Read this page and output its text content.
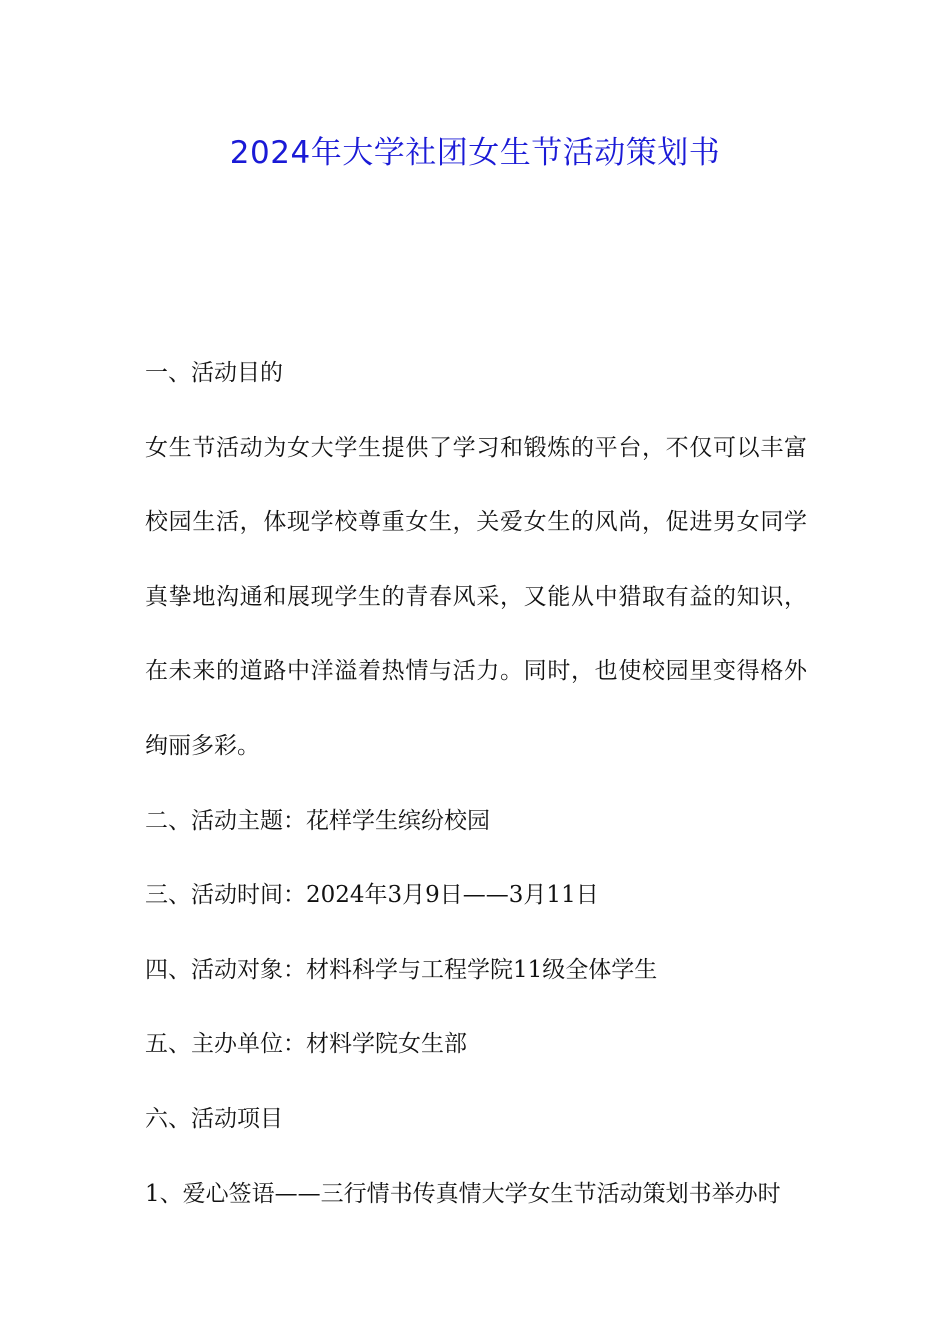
2024年大学社团女生节活动策划书

一、活动目的

女生节活动为女大学生提供了学习和锻炼的平台，不仅可以丰富校园生活，体现学校尊重女生，关爱女生的风尚，促进男女同学真挚地沟通和展现学生的青春风采，又能从中猎取有益的知识，在未来的道路中洋溢着热情与活力。同时，也使校园里变得格外绚丽多彩。

二、活动主题：花样学生缤纷校园

三、活动时间：2024年3月9日——3月11日

四、活动对象：材料科学与工程学院11级全体学生

五、主办单位：材料学院女生部

六、活动项目

1、爱心签语——三行情书传真情大学女生节活动策划书举办时
